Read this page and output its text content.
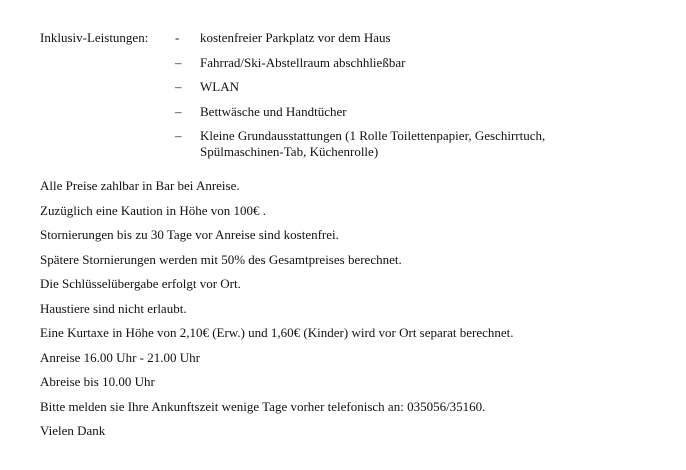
Inklusiv-Leistungen: - kostenfreier Parkplatz vor dem Haus
– Fahrrad/Ski-Abstellraum abschhließbar
– WLAN
– Bettwäsche und Handtücher
– Kleine Grundausstattungen (1 Rolle Toilettenpapier, Geschirrtuch, Spülmaschinen-Tab, Küchenrolle)
Alle Preise zahlbar in Bar bei Anreise.
Zuzüglich eine Kaution in Höhe von 100€ .
Stornierungen bis zu 30 Tage vor Anreise sind kostenfrei.
Spätere Stornierungen werden mit 50% des Gesamtpreises berechnet.
Die Schlüsselübergabe erfolgt vor Ort.
Haustiere sind nicht erlaubt.
Eine Kurtaxe in Höhe von 2,10€ (Erw.) und 1,60€ (Kinder) wird vor Ort separat berechnet.
Anreise 16.00 Uhr - 21.00 Uhr
Abreise bis 10.00 Uhr
Bitte melden sie Ihre Ankunftszeit wenige Tage vorher telefonisch an: 035056/35160.
Vielen Dank
